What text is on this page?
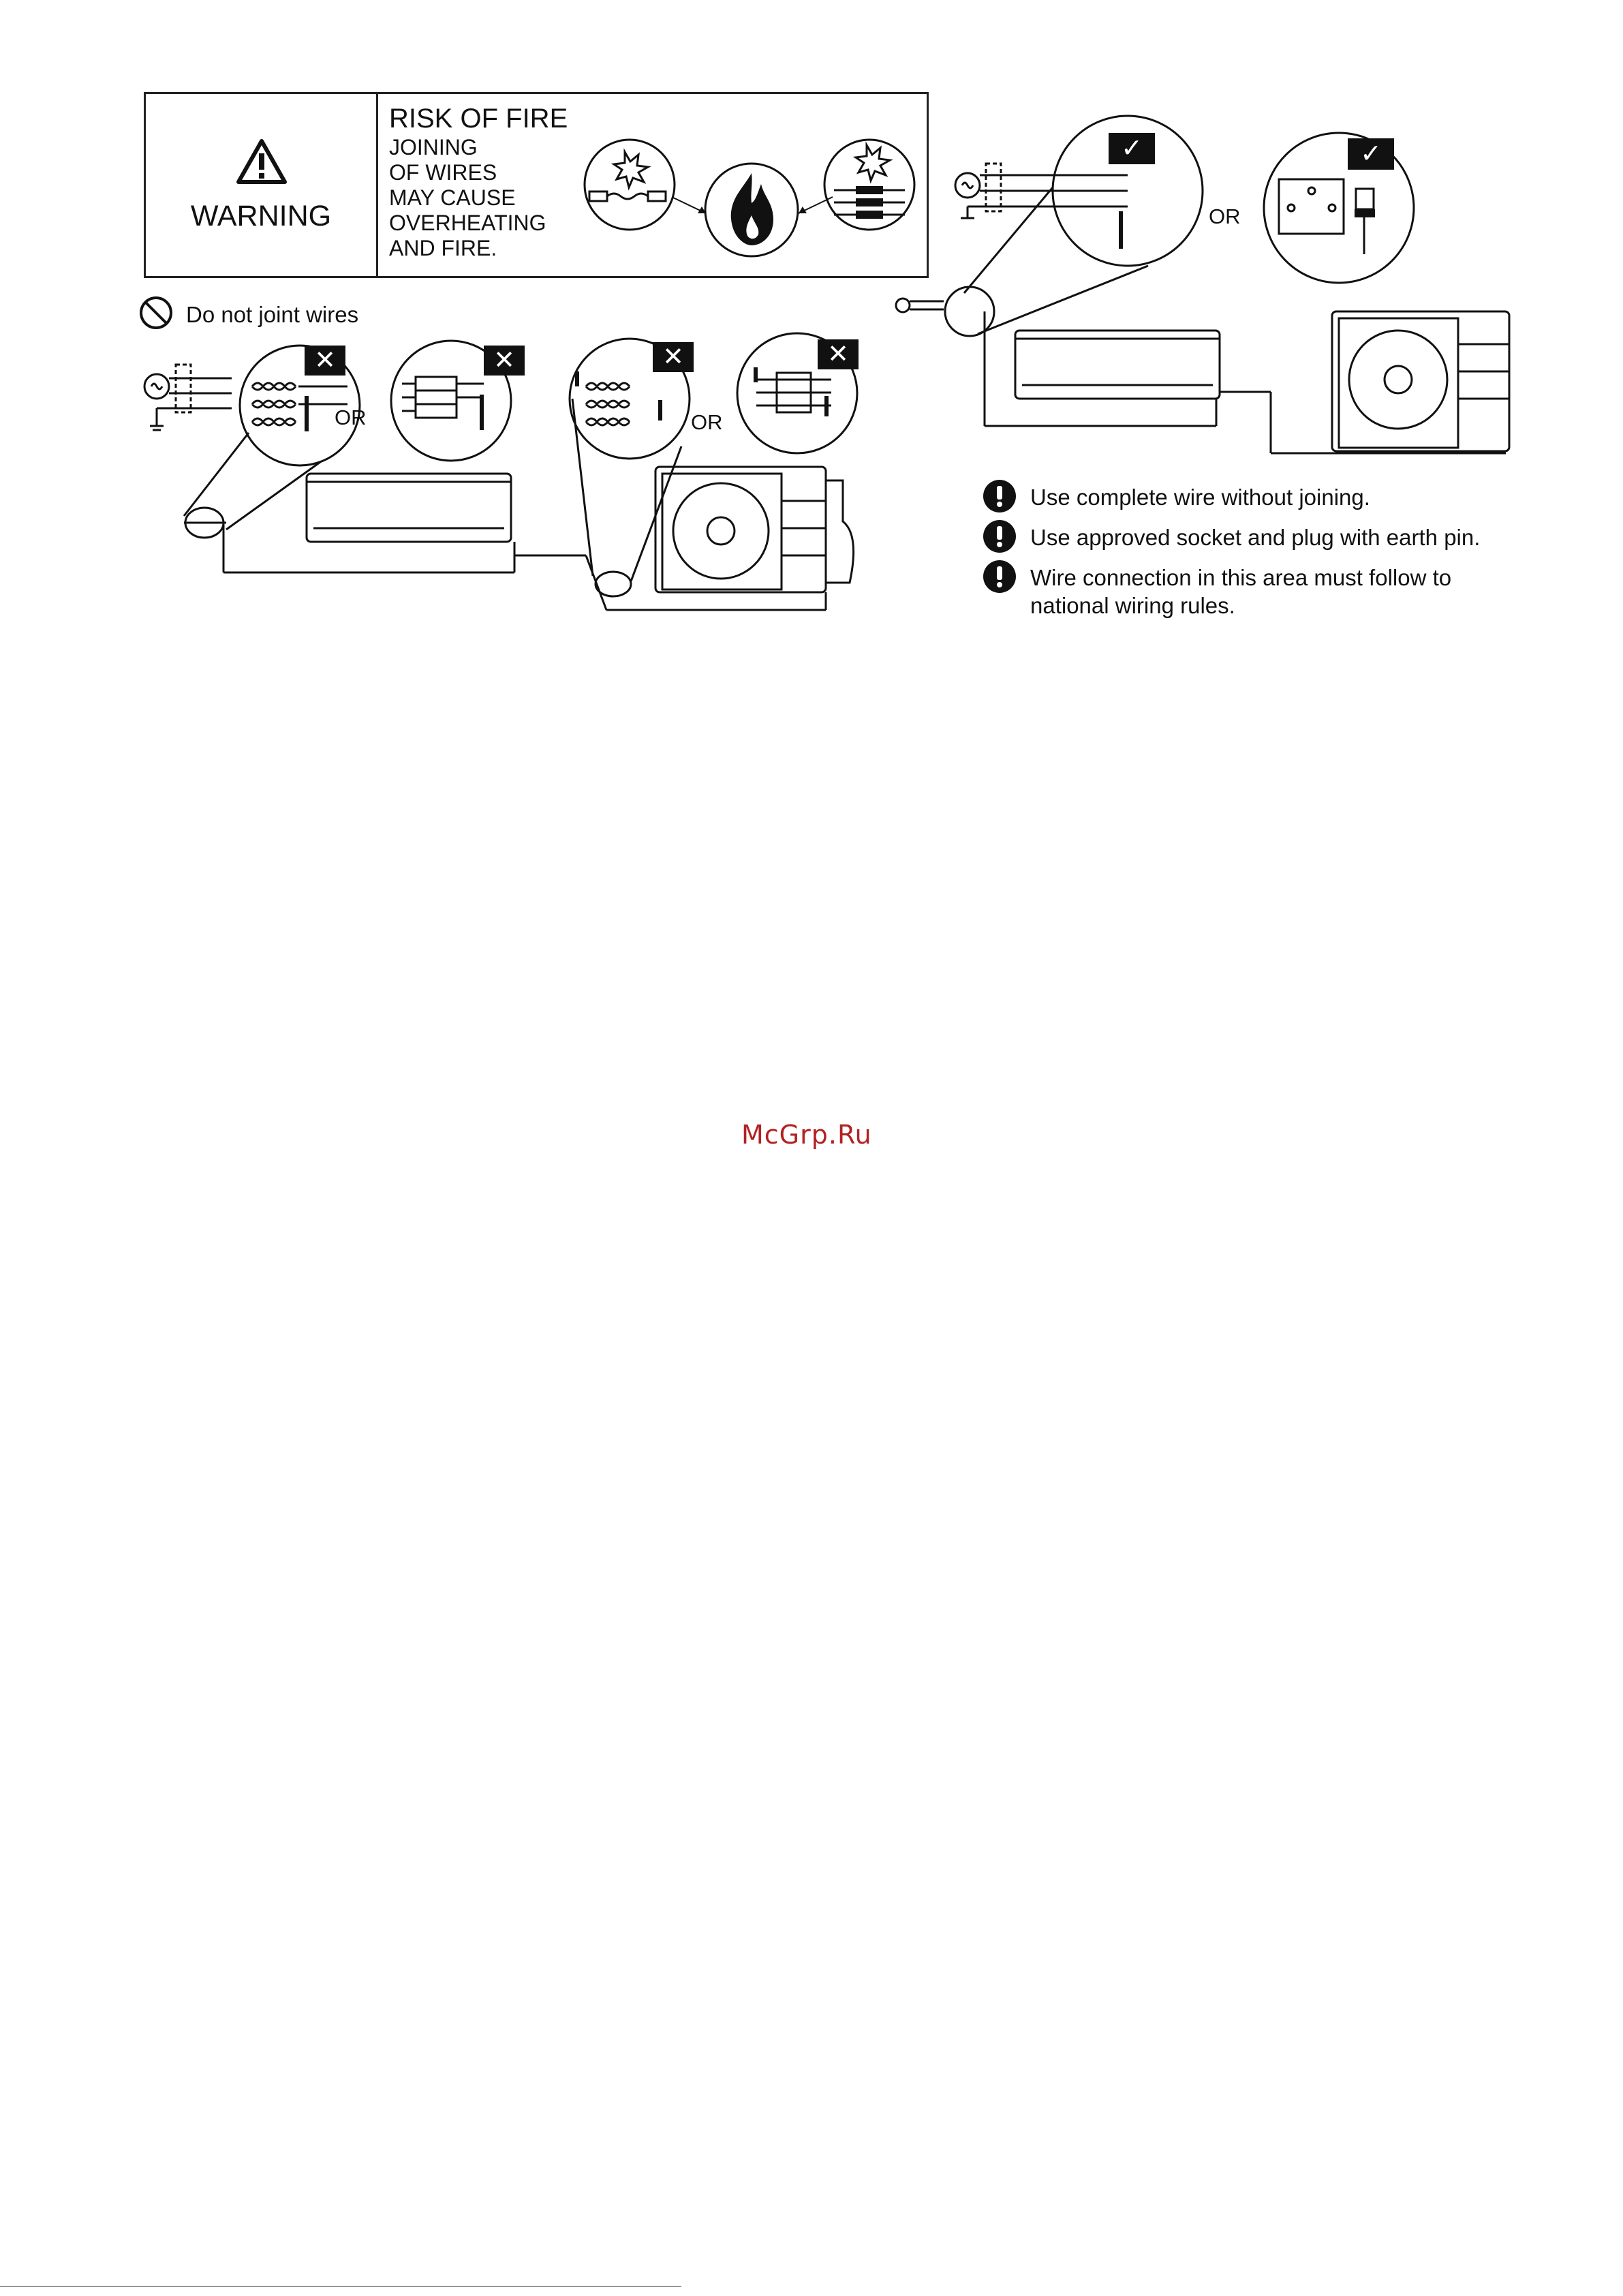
WARNING
RISK OF FIRE
JOINING
OF WIRES
MAY CAUSE
OVERHEATING
AND FIRE.
Do not joint wires
✕	✕	✕	✕
OR	OR
✓	✓
OR
Use complete wire without joining.
Use approved socket and plug with earth pin.
Wire connection in this area must follow to
national wiring rules.
McGrp.Ru
